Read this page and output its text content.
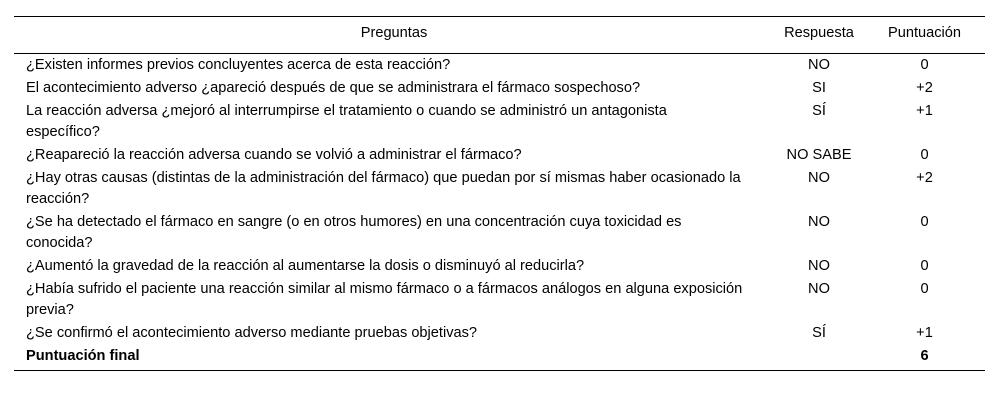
Preguntas	Respuesta	Puntuación
¿Existen informes previos concluyentes acerca de esta reacción?	NO	0
El acontecimiento adverso ¿apareció después de que se administrara el fármaco sospechoso?	SI	+2
La reacción adversa ¿mejoró al interrumpirse el tratamiento o cuando se administró un antagonista específico?	SÍ	+1
¿Reapareció la reacción adversa cuando se volvió a administrar el fármaco?	NO SABE	0
¿Hay otras causas (distintas de la administración del fármaco) que puedan por sí mismas haber ocasionado la reacción?	NO	+2
¿Se ha detectado el fármaco en sangre (o en otros humores) en una concentración cuya toxicidad es conocida?	NO	0
¿Aumentó la gravedad de la reacción al aumentarse la dosis o disminuyó al reducirla?	NO	0
¿Había sufrido el paciente una reacción similar al mismo fármaco o a fármacos análogos en alguna exposición previa?	NO	0
¿Se confirmó el acontecimiento adverso mediante pruebas objetivas?	SÍ	+1
Puntuación final		6
